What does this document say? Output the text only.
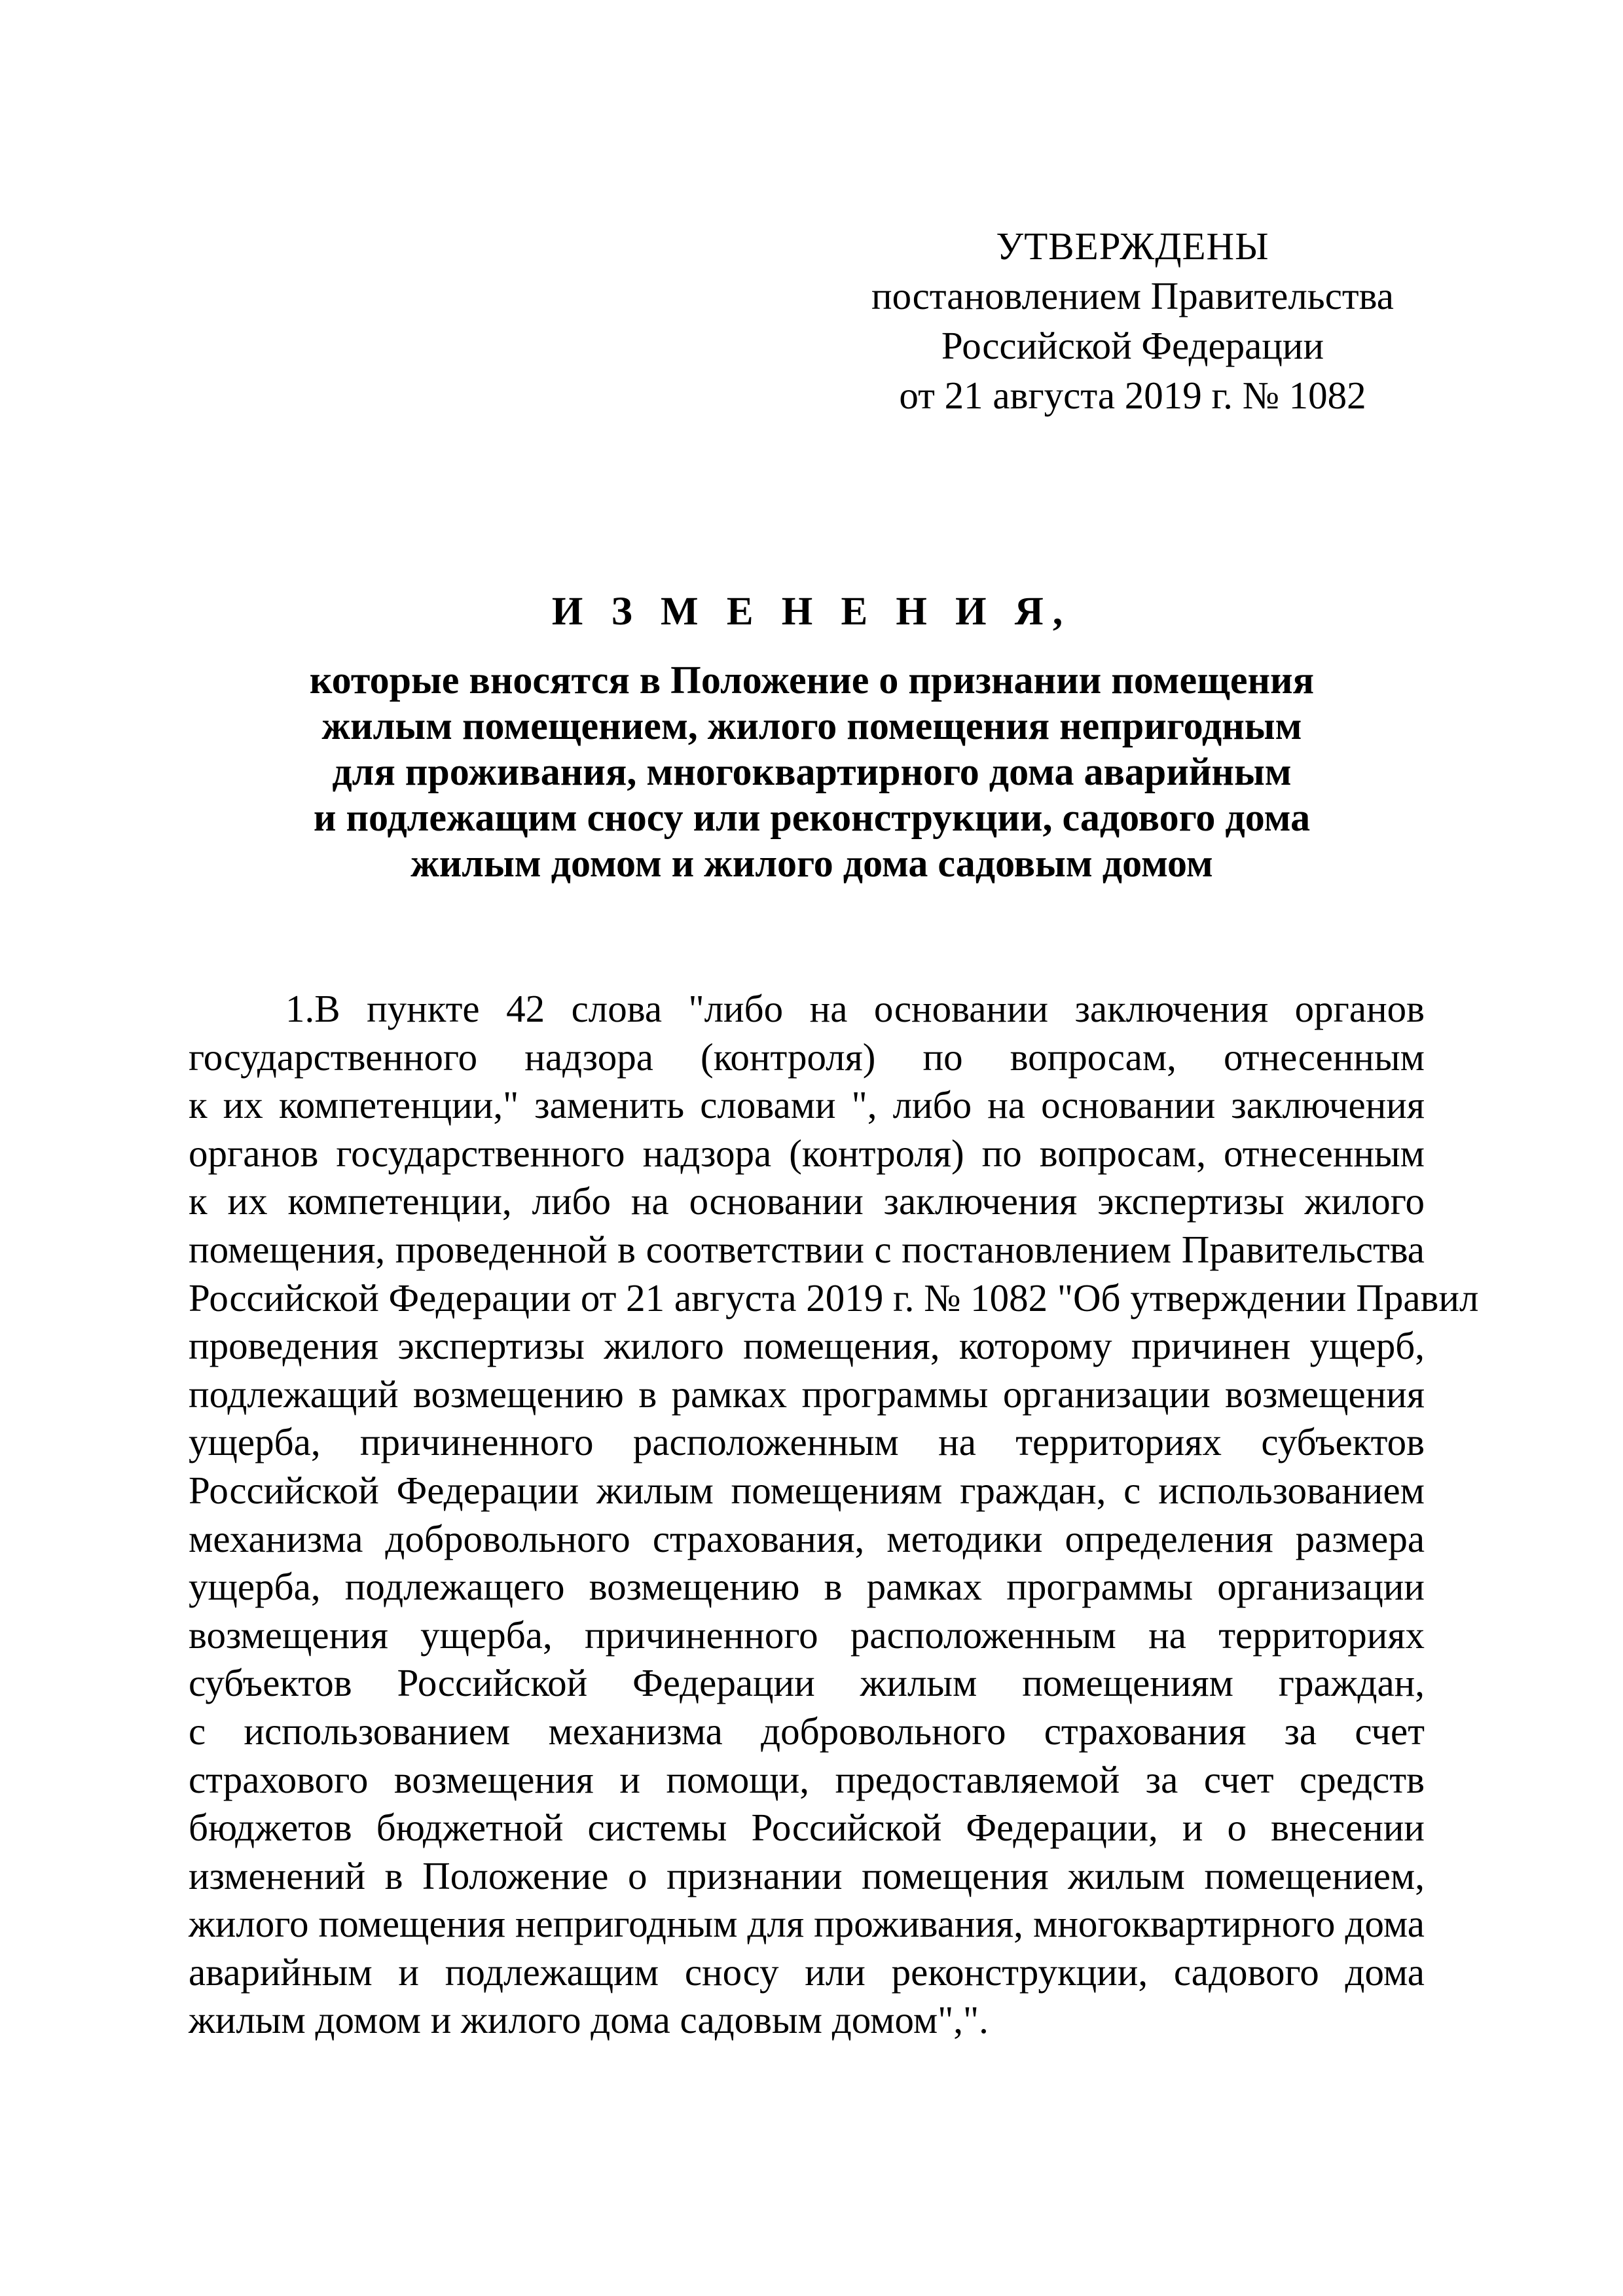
УТВЕРЖДЕНЫ
постановлением Правительства
Российской Федерации
от 21 августа 2019 г. № 1082
И З М Е Н Е Н И Я,
которые вносятся в Положение о признании помещения
жилым помещением, жилого помещения непригодным
для проживания, многоквартирного дома аварийным
и подлежащим сносу или реконструкции, садового дома
жилым домом и жилого дома садовым домом
1.В пункте 42 слова "либо на основании заключения органов
государственного надзора (контроля) по вопросам, отнесенным
к их компетенции," заменить словами ", либо на основании заключения
органов государственного надзора (контроля) по вопросам, отнесенным
к их компетенции, либо на основании заключения экспертизы жилого
помещения, проведенной в соответствии с постановлением Правительства
Российской Федерации от 21 августа 2019 г. № 1082 "Об утверждении Правил
проведения экспертизы жилого помещения, которому причинен ущерб,
подлежащий возмещению в рамках программы организации возмещения
ущерба, причиненного расположенным на территориях субъектов
Российской Федерации жилым помещениям граждан, с использованием
механизма добровольного страхования, методики определения размера
ущерба, подлежащего возмещению в рамках программы организации
возмещения ущерба, причиненного расположенным на территориях
субъектов Российской Федерации жилым помещениям граждан,
с использованием механизма добровольного страхования за счет
страхового возмещения и помощи, предоставляемой за счет средств
бюджетов бюджетной системы Российской Федерации, и о внесении
изменений в Положение о признании помещения жилым помещением,
жилого помещения непригодным для проживания, многоквартирного дома
аварийным и подлежащим сносу или реконструкции, садового дома
жилым домом и жилого дома садовым домом",".
